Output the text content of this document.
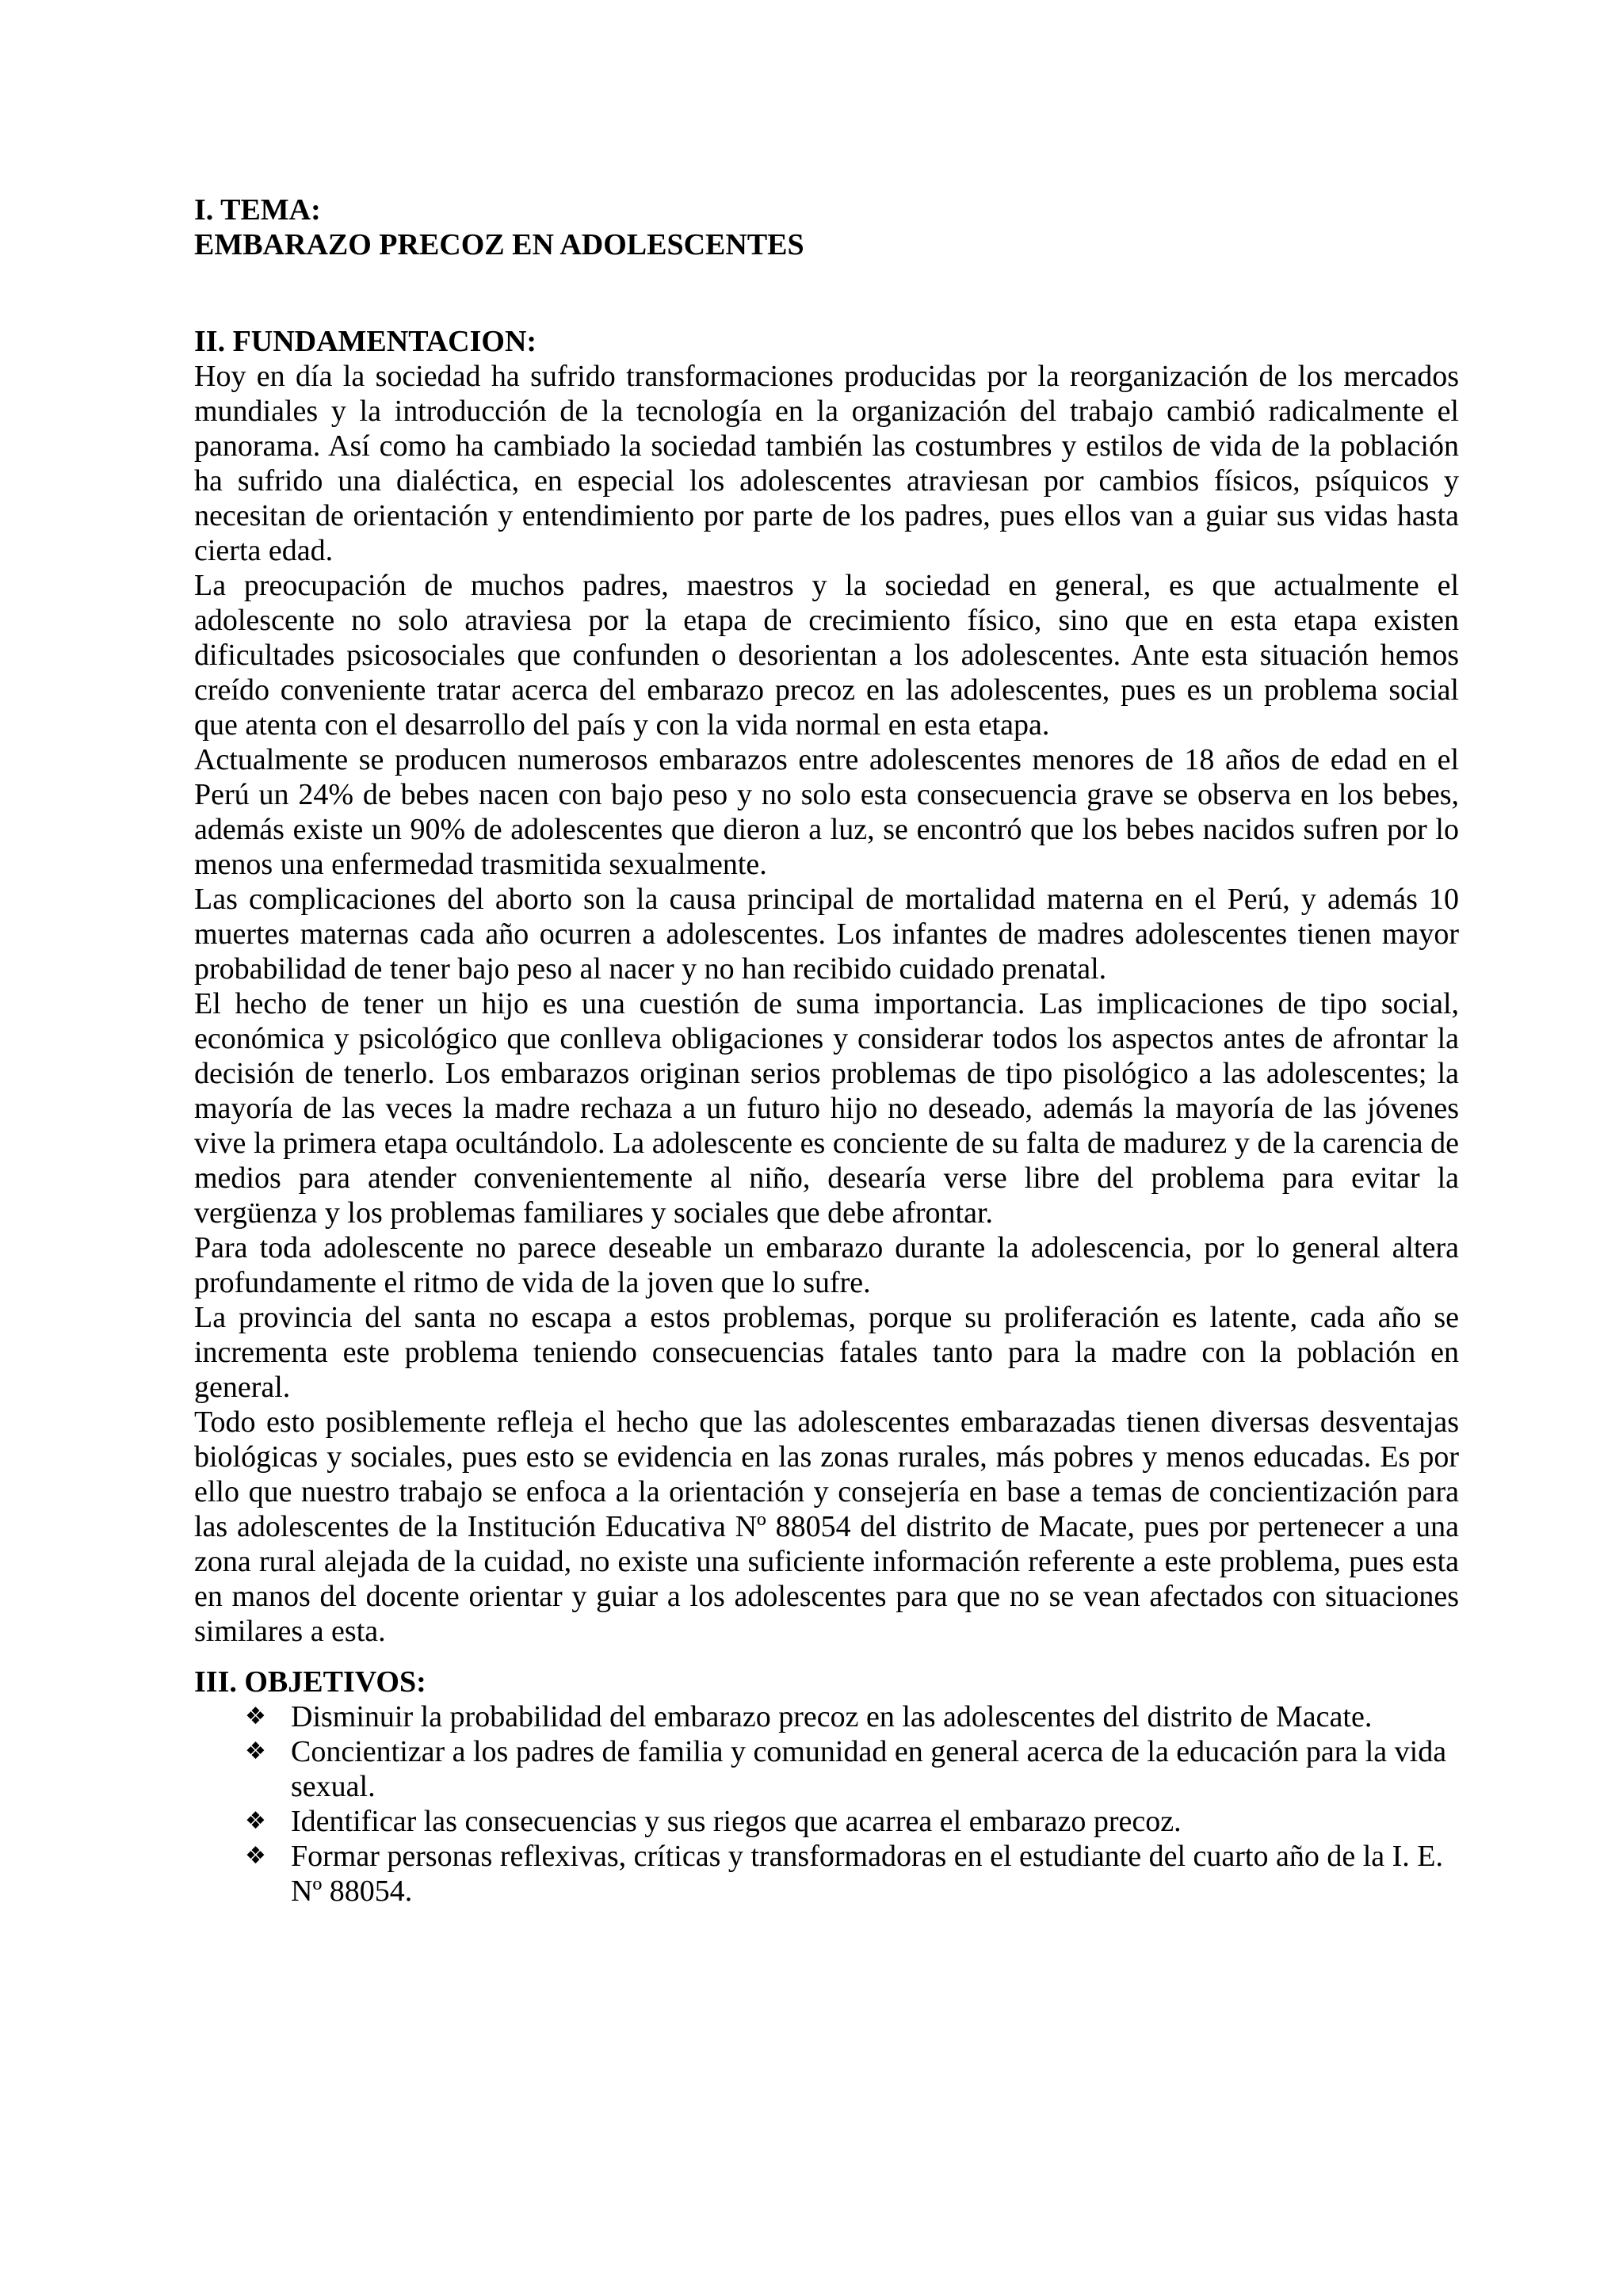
I. TEMA:

EMBARAZO PRECOZ EN ADOLESCENTES

II. FUNDAMENTACION:

Hoy en día la sociedad ha sufrido transformaciones producidas por la reorganización de los mercados mundiales y la introducción de la tecnología en la organización del trabajo cambió radicalmente el panorama. Así como ha cambiado la sociedad también las costumbres y estilos de vida de la población ha sufrido una dialéctica, en especial los adolescentes atraviesan por cambios físicos, psíquicos y necesitan de orientación y entendimiento por parte de los padres, pues ellos van a guiar sus vidas hasta cierta edad.

La preocupación de muchos padres, maestros y la sociedad en general, es que actualmente el adolescente no solo atraviesa por la etapa de crecimiento físico, sino que en esta etapa existen dificultades psicosociales que confunden o desorientan a los adolescentes. Ante esta situación hemos creído conveniente tratar acerca del embarazo precoz en las adolescentes, pues es un problema social que atenta con el desarrollo del país y con la vida normal en esta etapa.

Actualmente se producen numerosos embarazos entre adolescentes menores de 18 años de edad en el Perú un 24% de bebes nacen con bajo peso y no solo esta consecuencia grave se observa en los bebes, además existe un 90% de adolescentes que dieron a luz, se encontró que los bebes nacidos sufren por lo menos una enfermedad trasmitida sexualmente.

Las complicaciones del aborto son la causa principal de mortalidad materna en el Perú, y además 10 muertes maternas cada año ocurren a adolescentes. Los infantes de madres adolescentes tienen mayor probabilidad de tener bajo peso al nacer y no han recibido cuidado prenatal.

El hecho de tener un hijo es una cuestión de suma importancia. Las implicaciones de tipo social, económica y psicológico que conlleva obligaciones y considerar todos los aspectos antes de afrontar la decisión de tenerlo. Los embarazos originan serios problemas de tipo pisológico a las adolescentes; la mayoría de las veces la madre rechaza a un futuro hijo no deseado, además la mayoría de las jóvenes vive la primera etapa ocultándolo. La adolescente es conciente de su falta de madurez y de la carencia de medios para atender convenientemente al niño, desearía verse libre del problema para evitar la vergüenza y los problemas familiares y sociales que debe afrontar.

Para toda adolescente no parece deseable un embarazo durante la adolescencia, por lo general altera profundamente el ritmo de vida de la joven que lo sufre.

La provincia del santa no escapa a estos problemas, porque su proliferación es latente, cada año se incrementa este problema teniendo consecuencias fatales tanto para la madre con la población en general.

Todo esto posiblemente refleja el hecho que las adolescentes embarazadas tienen diversas desventajas biológicas y sociales, pues esto se evidencia en las zonas rurales, más pobres y menos educadas. Es por ello que nuestro trabajo se enfoca a la orientación y consejería en base a temas de concientización para las adolescentes de la Institución Educativa Nº 88054 del distrito de Macate, pues por pertenecer a una zona rural alejada de la cuidad, no existe una suficiente información referente a este problema, pues esta en manos del docente orientar y guiar a los adolescentes para que no se vean afectados con situaciones similares a esta.

III. OBJETIVOS:

❖ Disminuir la probabilidad del embarazo precoz en las adolescentes del distrito de Macate.
❖ Concientizar a los padres de familia y comunidad en general acerca de la educación para la vida sexual.
❖ Identificar las consecuencias y sus riegos que acarrea el embarazo precoz.
❖ Formar personas reflexivas, críticas y transformadoras en el estudiante del cuarto año de la I. E. Nº 88054.
